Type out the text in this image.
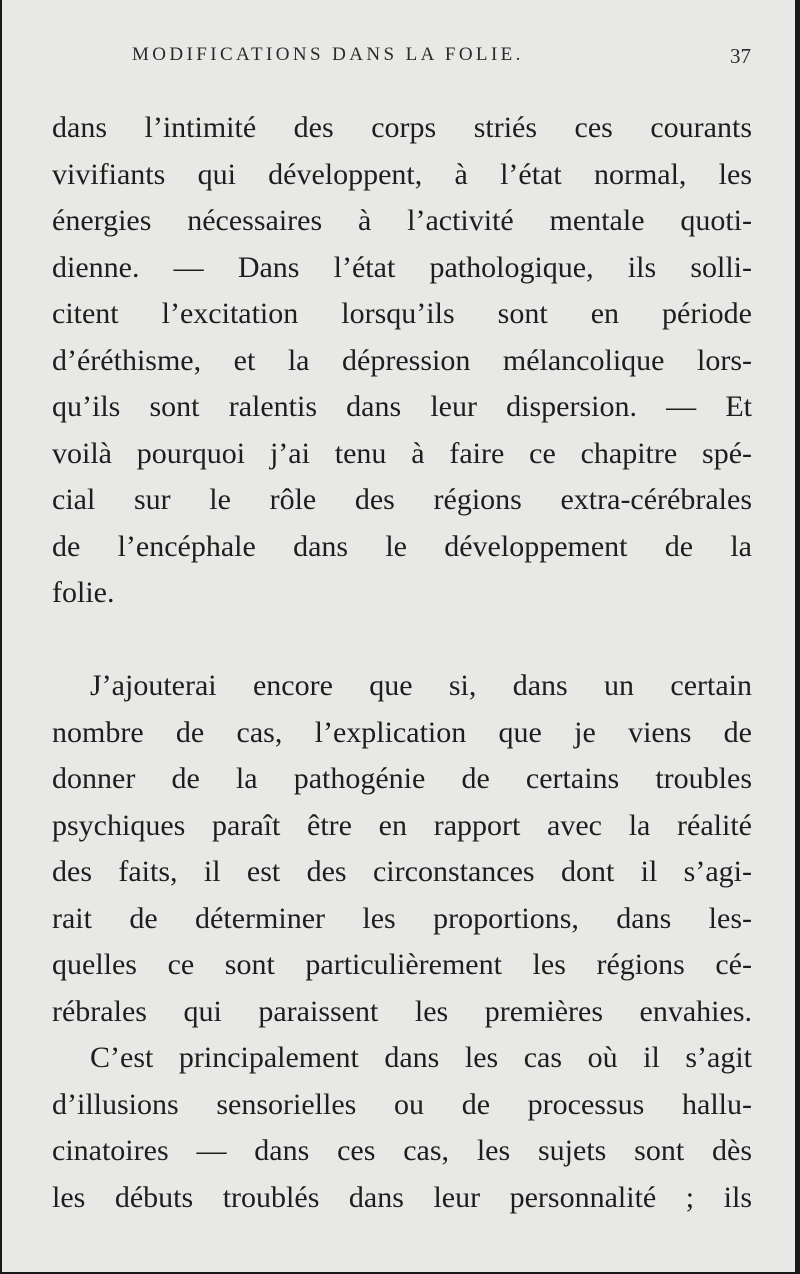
MODIFICATIONS DANS LA FOLIE.	37
dans l’intimité des corps striés ces courants
vivifiants qui développent, à l’état normal, les
énergies nécessaires à l’activité mentale quoti-
dienne. — Dans l’état pathologique, ils solli-
citent l’excitation lorsqu’ils sont en période
d’éréthisme, et la dépression mélancolique lors-
qu’ils sont ralentis dans leur dispersion. — Et
voilà pourquoi j’ai tenu à faire ce chapitre spé-
cial sur le rôle des régions extra-cérébrales
de l’encéphale dans le développement de la
folie.
J’ajouterai encore que si, dans un certain
nombre de cas, l’explication que je viens de
donner de la pathogénie de certains troubles
psychiques paraît être en rapport avec la réalité
des faits, il est des circonstances dont il s’agi-
rait de déterminer les proportions, dans les-
quelles ce sont particulièrement les régions cé-
rébrales qui paraissent les premières envahies.
C’est principalement dans les cas où il s’agit
d’illusions sensorielles ou de processus hallu-
cinatoires — dans ces cas, les sujets sont dès
les débuts troublés dans leur personnalité ; ils
